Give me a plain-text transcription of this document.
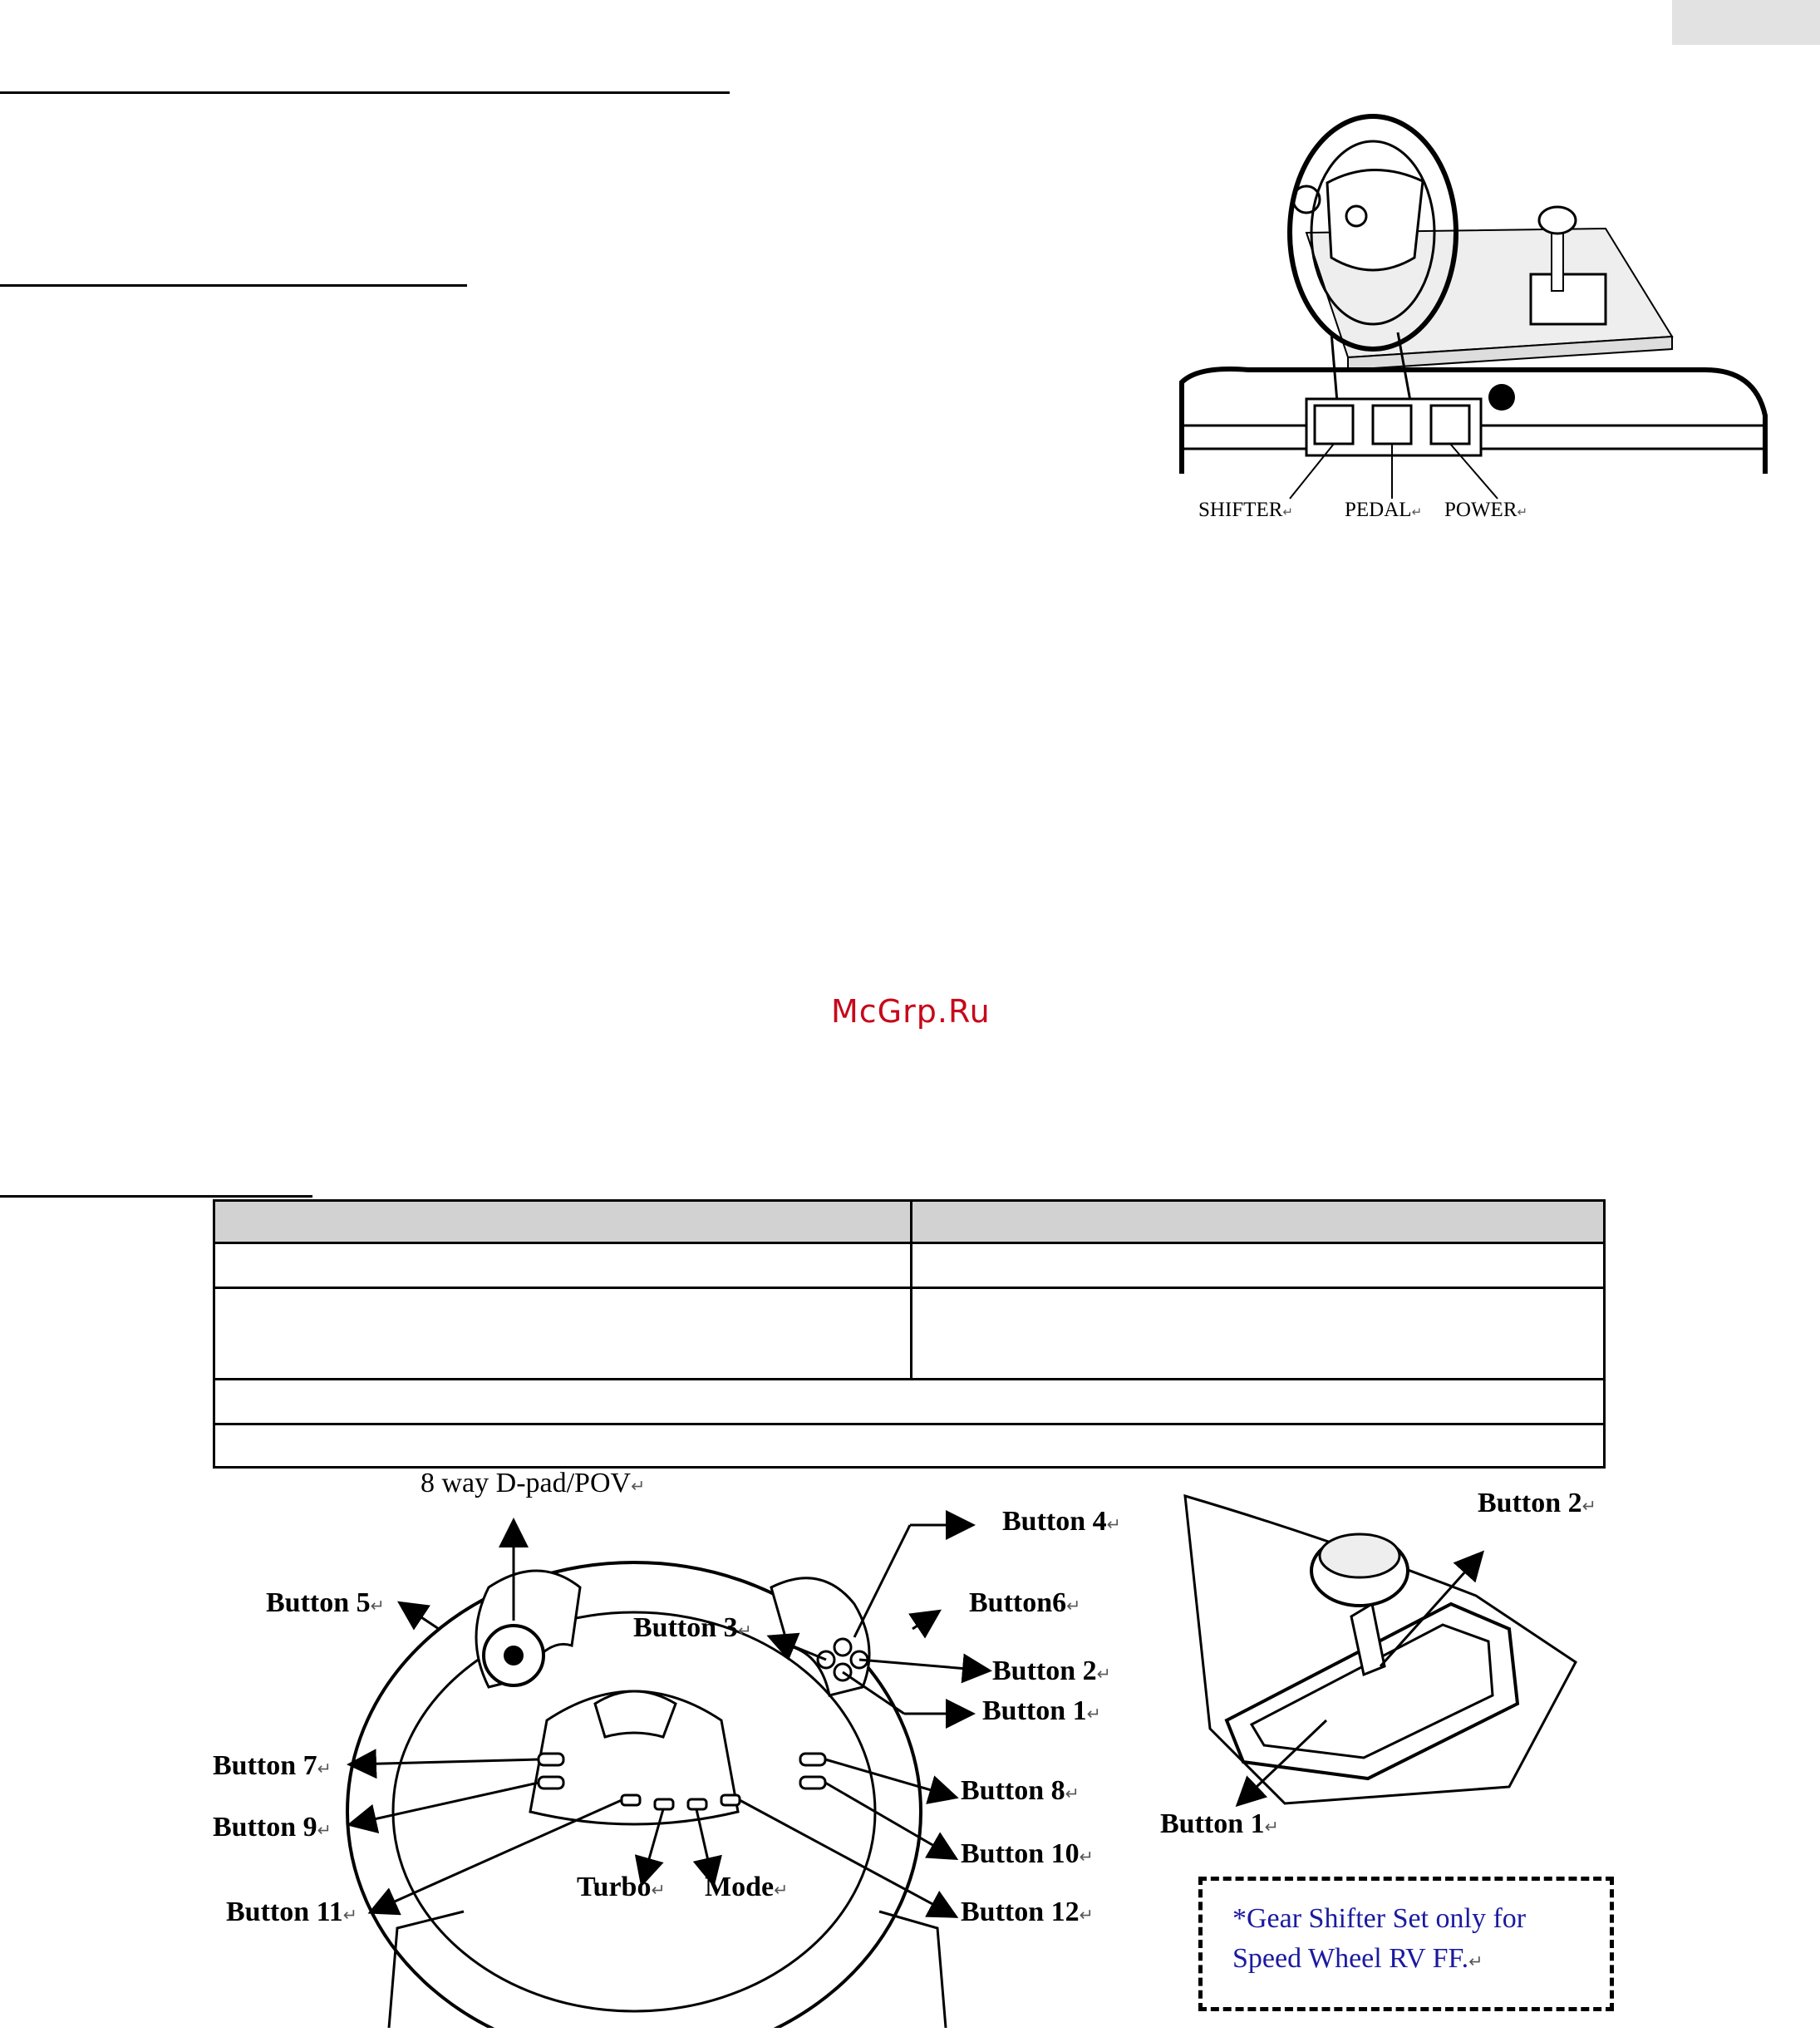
SHIFTER↵ PEDAL↵ POWER↵
McGrp.Ru

8 way D-pad/POV↵
Button 4↵
Button 5↵	Button6↵
Button 3↵
Button 2↵
Button 1↵
Button 7↵
Button 8↵
Button 9↵
Button 10↵
Turbo↵ Mode↵
Button 11↵	Button 12↵
Button 2↵
Button 1↵
*Gear Shifter Set only for
Speed Wheel RV FF.↵
